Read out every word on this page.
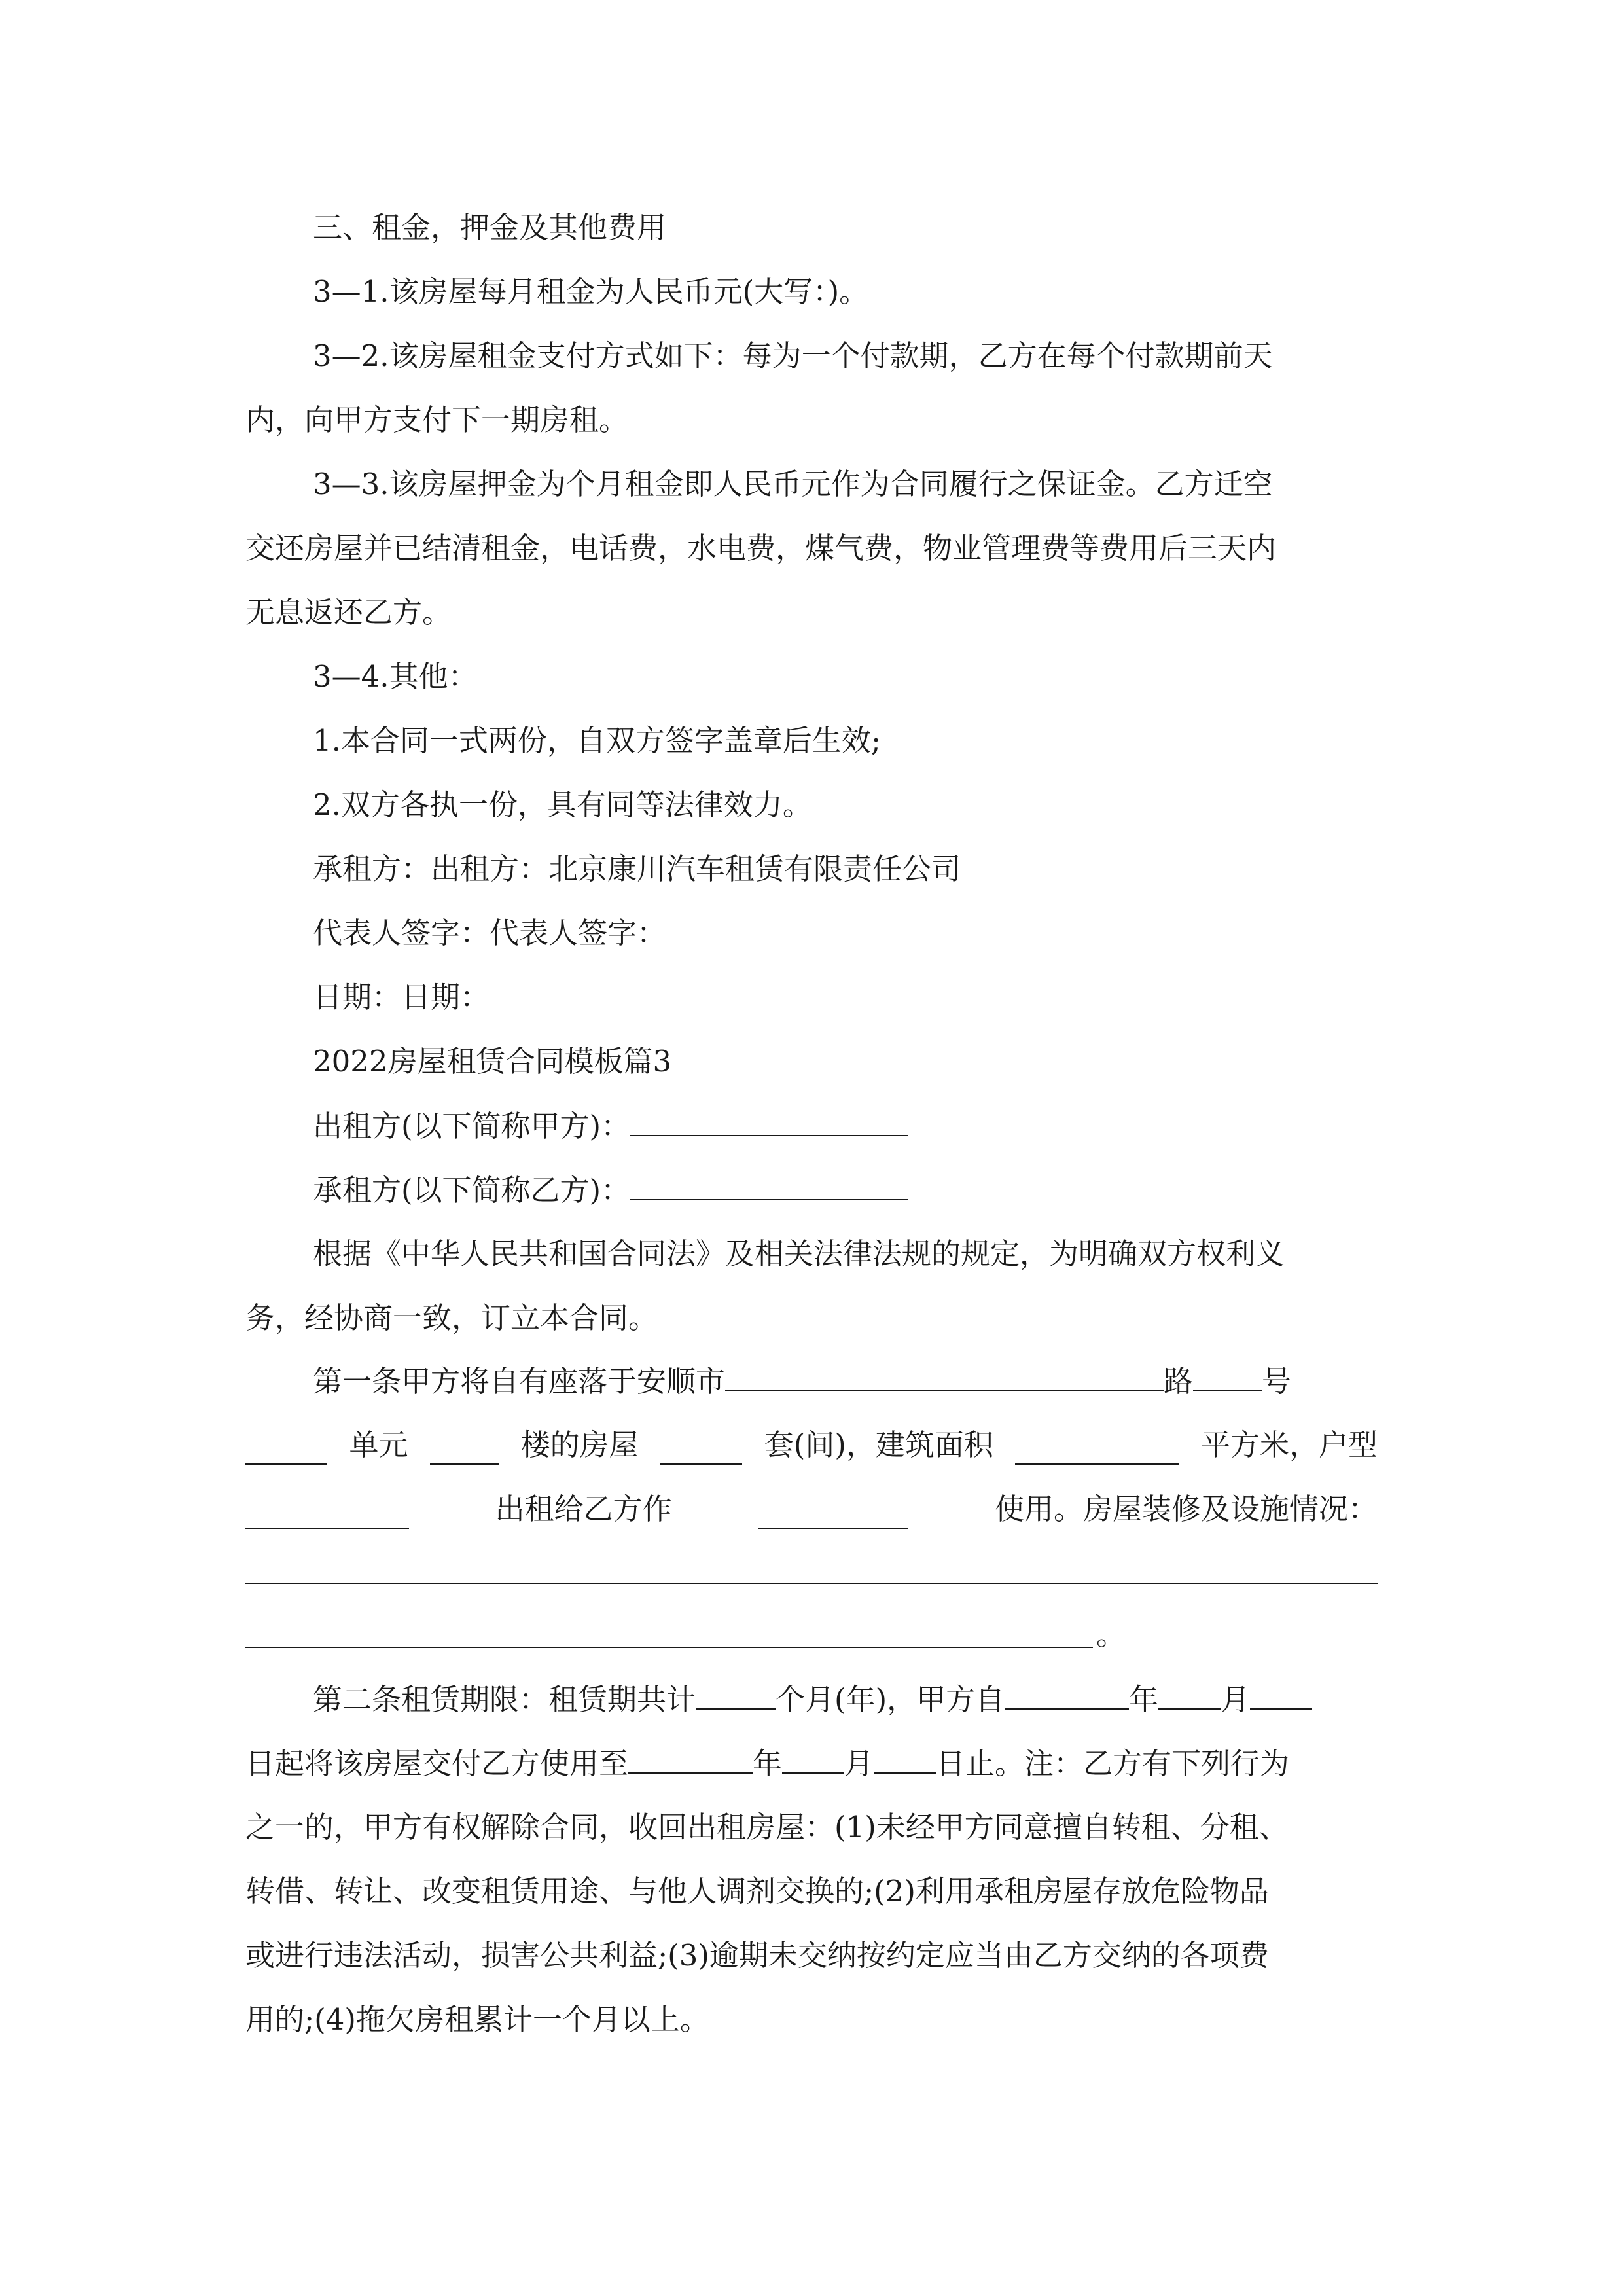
三、租金，押金及其他费用
3—1.该房屋每月租金为人民币元(大写：)。
3—2.该房屋租金支付方式如下：每为一个付款期，乙方在每个付款期前天
内，向甲方支付下一期房租。
3—3.该房屋押金为个月租金即人民币元作为合同履行之保证金。乙方迁空
交还房屋并已结清租金，电话费，水电费，煤气费，物业管理费等费用后三天内
无息返还乙方。
3—4.其他：
1.本合同一式两份，自双方签字盖章后生效;
2.双方各执一份，具有同等法律效力。
承租方：出租方：北京康川汽车租赁有限责任公司
代表人签字：代表人签字：
日期：日期：
2022房屋租赁合同模板篇3
出租方(以下简称甲方)：
承租方(以下简称乙方)：
根据《中华人民共和国合同法》及相关法律法规的规定，为明确双方权利义
务，经协商一致，订立本合同。
第一条甲方将自有座落于安顺市	路 号
单元	楼的房屋	套(间)，建筑面积	平方米，户型
出租给乙方作	使用。房屋装修及设施情况：
。
第二条租赁期限：租赁期共计	个月(年)，甲方自	年 月
日起将该房屋交付乙方使用至	年 月 日止。注：乙方有下列行为
之一的，甲方有权解除合同，收回出租房屋：(1)未经甲方同意擅自转租、分租、
转借、转让、改变租赁用途、与他人调剂交换的;(2)利用承租房屋存放危险物品
或进行违法活动，损害公共利益;(3)逾期未交纳按约定应当由乙方交纳的各项费
用的;(4)拖欠房租累计一个月以上。
